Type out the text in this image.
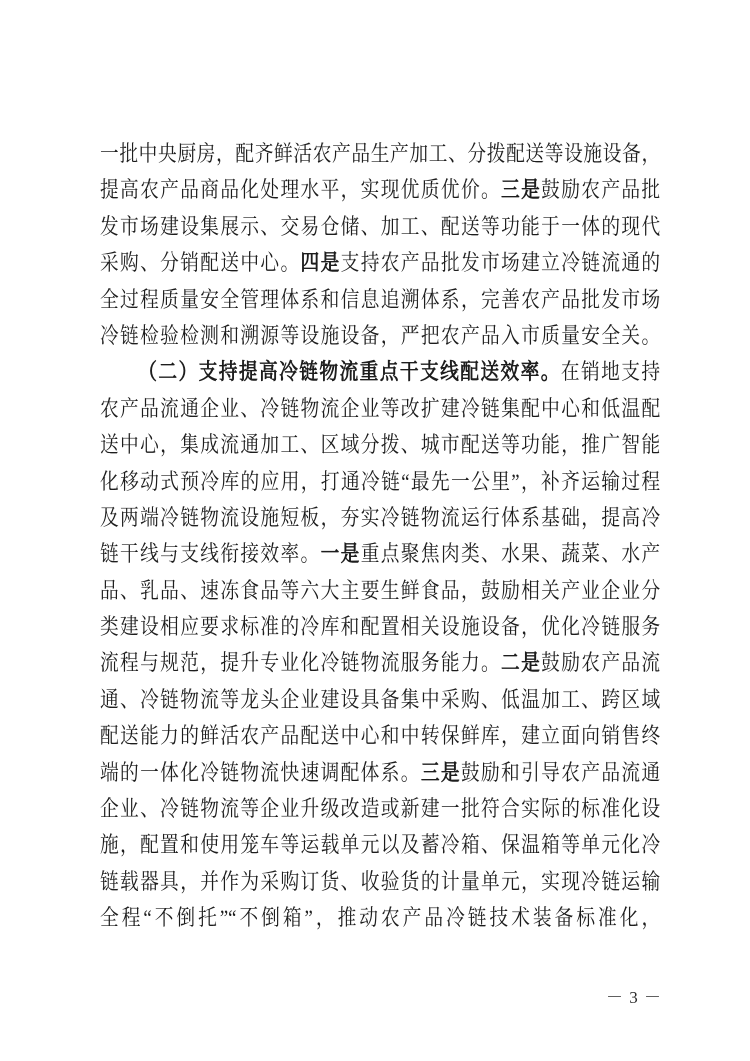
一批中央厨房，配齐鲜活农产品生产加工、分拨配送等设施设备，
提高农产品商品化处理水平，实现优质优价。三是鼓励农产品批
发市场建设集展示、交易仓储、加工、配送等功能于一体的现代
采购、分销配送中心。四是支持农产品批发市场建立冷链流通的
全过程质量安全管理体系和信息追溯体系，完善农产品批发市场
冷链检验检测和溯源等设施设备，严把农产品入市质量安全关。
（二）支持提高冷链物流重点干支线配送效率。在销地支持
农产品流通企业、冷链物流企业等改扩建冷链集配中心和低温配
送中心，集成流通加工、区域分拨、城市配送等功能，推广智能
化移动式预冷库的应用，打通冷链“最先一公里”，补齐运输过程
及两端冷链物流设施短板，夯实冷链物流运行体系基础，提高冷
链干线与支线衔接效率。一是重点聚焦肉类、水果、蔬菜、水产
品、乳品、速冻食品等六大主要生鲜食品，鼓励相关产业企业分
类建设相应要求标准的冷库和配置相关设施设备，优化冷链服务
流程与规范，提升专业化冷链物流服务能力。二是鼓励农产品流
通、冷链物流等龙头企业建设具备集中采购、低温加工、跨区域
配送能力的鲜活农产品配送中心和中转保鲜库，建立面向销售终
端的一体化冷链物流快速调配体系。三是鼓励和引导农产品流通
企业、冷链物流等企业升级改造或新建一批符合实际的标准化设
施，配置和使用笼车等运载单元以及蓄冷箱、保温箱等单元化冷
链载器具，并作为采购订货、收验货的计量单元，实现冷链运输
全程“不倒托”“不倒箱”，推动农产品冷链技术装备标准化，
－ 3 －
